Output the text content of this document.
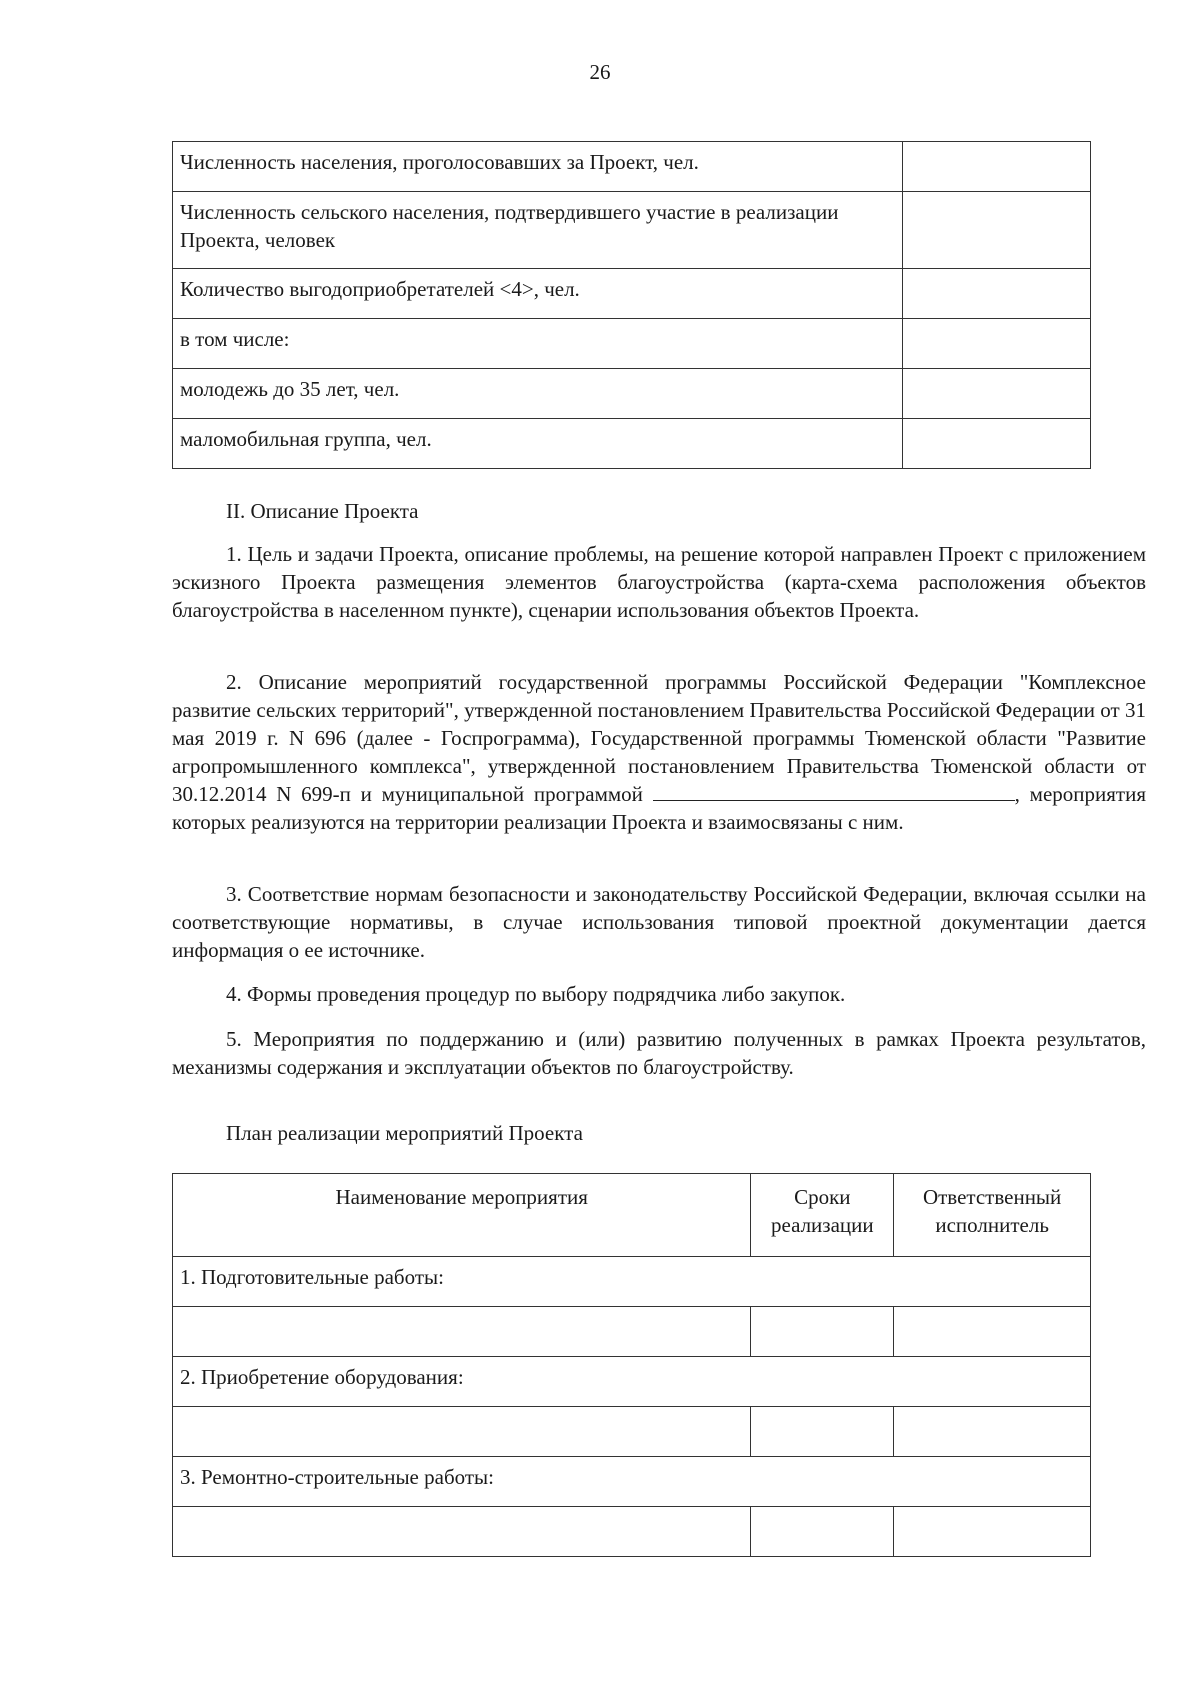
26
Численность населения, проголосовавших за Проект, чел.	
Численность сельского населения, подтвердившего участие в реализации Проекта, человек	
Количество выгодоприобретателей <4>, чел.	
в том числе:	
молодежь до 35 лет, чел.	
маломобильная группа, чел.	
II. Описание Проекта

1. Цель и задачи Проекта, описание проблемы, на решение которой направлен Проект с приложением эскизного Проекта размещения элементов благоустройства (карта-схема расположения объектов благоустройства в населенном пункте), сценарии использования объектов Проекта.

2. Описание мероприятий государственной программы Российской Федерации "Комплексное развитие сельских территорий", утвержденной постановлением Правительства Российской Федерации от 31 мая 2019 г. N 696 (далее - Госпрограмма), Государственной программы Тюменской области "Развитие агропромышленного комплекса", утвержденной постановлением Правительства Тюменской области от 30.12.2014 N 699-п и муниципальной программой	, мероприятия которых реализуются на территории реализации Проекта и взаимосвязаны с ним.

3. Соответствие нормам безопасности и законодательству Российской Федерации, включая ссылки на соответствующие нормативы, в случае использования типовой проектной документации дается информация о ее источнике.

4. Формы проведения процедур по выбору подрядчика либо закупок.

5. Мероприятия по поддержанию и (или) развитию полученных в рамках Проекта результатов, механизмы содержания и эксплуатации объектов по благоустройству.

План реализации мероприятий Проекта
Наименование мероприятия	Сроки реализации	Ответственный исполнитель
1. Подготовительные работы:		

2. Приобретение оборудования:		

3. Ремонтно-строительные работы:		
